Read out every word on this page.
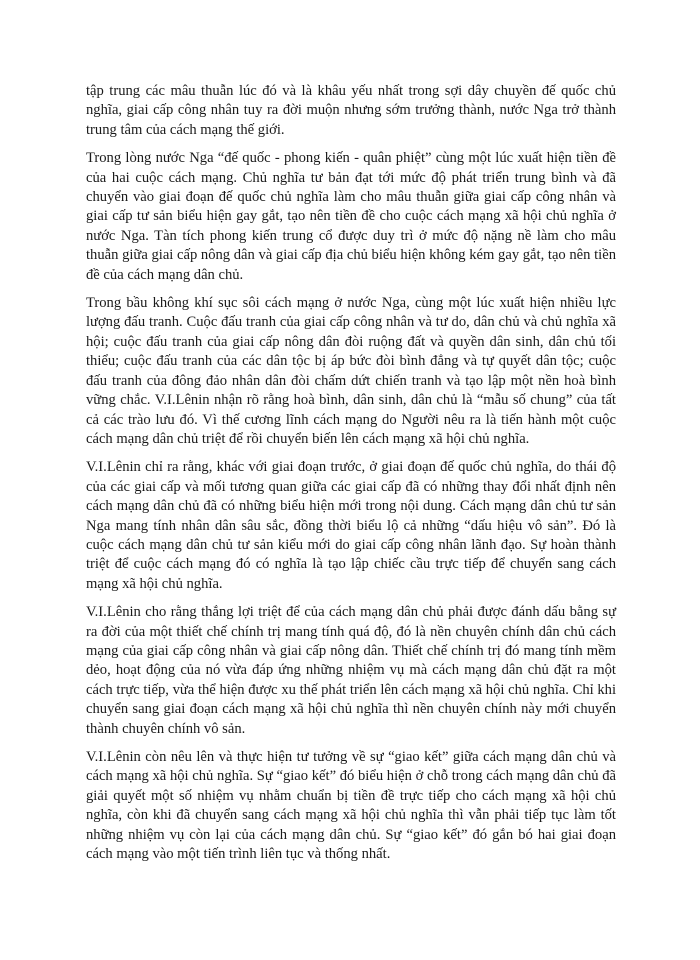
tập trung các mâu thuẫn lúc đó và là khâu yếu nhất trong sợi dây chuyền đế quốc chủ nghĩa, giai cấp công nhân tuy ra đời muộn nhưng sớm trưởng thành, nước Nga trở thành trung tâm của cách mạng thế giới.

Trong lòng nước Nga “đế quốc - phong kiến - quân phiệt” cùng một lúc xuất hiện tiền đề của hai cuộc cách mạng. Chủ nghĩa tư bản đạt tới mức độ phát triển trung bình và đã chuyển vào giai đoạn đế quốc chủ nghĩa làm cho mâu thuẫn giữa giai cấp công nhân và giai cấp tư sản biểu hiện gay gắt, tạo nên tiền đề cho cuộc cách mạng xã hội chủ nghĩa ở nước Nga. Tàn tích phong kiến trung cổ được duy trì ở mức độ nặng nề làm cho mâu thuẫn giữa giai cấp nông dân và giai cấp địa chủ biểu hiện không kém gay gắt, tạo nên tiền đề của cách mạng dân chủ.

Trong bầu không khí sục sôi cách mạng ở nước Nga, cùng một lúc xuất hiện nhiều lực lượng đấu tranh. Cuộc đấu tranh của giai cấp công nhân và tư do, dân chủ và chủ nghĩa xã hội; cuộc đấu tranh của giai cấp nông dân đòi ruộng đất và quyền dân sinh, dân chủ tối thiểu; cuộc đấu tranh của các dân tộc bị áp bức đòi bình đẳng và tự quyết dân tộc; cuộc đấu tranh của đông đảo nhân dân đòi chấm dứt chiến tranh và tạo lập một nền hoà bình vững chắc. V.I.Lênin nhận rõ rằng hoà bình, dân sinh, dân chủ là “mẫu số chung” của tất cả các trào lưu đó. Vì thế cương lĩnh cách mạng do Người nêu ra là tiến hành một cuộc cách mạng dân chủ triệt để rồi chuyển biến lên cách mạng xã hội chủ nghĩa.

V.I.Lênin chỉ ra rằng, khác với giai đoạn trước, ở giai đoạn đế quốc chủ nghĩa, do thái độ của các giai cấp và mối tương quan giữa các giai cấp đã có những thay đổi nhất định nên cách mạng dân chủ đã có những biểu hiện mới trong nội dung. Cách mạng dân chủ tư sản Nga mang tính nhân dân sâu sắc, đồng thời biểu lộ cả những “dấu hiệu vô sản”. Đó là cuộc cách mạng dân chủ tư sản kiểu mới do giai cấp công nhân lãnh đạo. Sự hoàn thành triệt để cuộc cách mạng đó có nghĩa là tạo lập chiếc cầu trực tiếp để chuyển sang cách mạng xã hội chủ nghĩa.

V.I.Lênin cho rằng thắng lợi triệt để của cách mạng dân chủ phải được đánh dấu bằng sự ra đời của một thiết chế chính trị mang tính quá độ, đó là nền chuyên chính dân chủ cách mạng của giai cấp công nhân và giai cấp nông dân. Thiết chế chính trị đó mang tính mềm dẻo, hoạt động của nó vừa đáp ứng những nhiệm vụ mà cách mạng dân chủ đặt ra một cách trực tiếp, vừa thể hiện được xu thế phát triển lên cách mạng xã hội chủ nghĩa. Chỉ khi chuyển sang giai đoạn cách mạng xã hội chủ nghĩa thì nền chuyên chính này mới chuyển thành chuyên chính vô sản.

V.I.Lênin còn nêu lên và thực hiện tư tưởng về sự “giao kết” giữa cách mạng dân chủ và cách mạng xã hội chủ nghĩa. Sự “giao kết” đó biểu hiện ở chỗ trong cách mạng dân chủ đã giải quyết một số nhiệm vụ nhằm chuẩn bị tiền đề trực tiếp cho cách mạng xã hội chủ nghĩa, còn khi đã chuyển sang cách mạng xã hội chủ nghĩa thì vẫn phải tiếp tục làm tốt những nhiệm vụ còn lại của cách mạng dân chủ. Sự “giao kết” đó gắn bó hai giai đoạn cách mạng vào một tiến trình liên tục và thống nhất.
